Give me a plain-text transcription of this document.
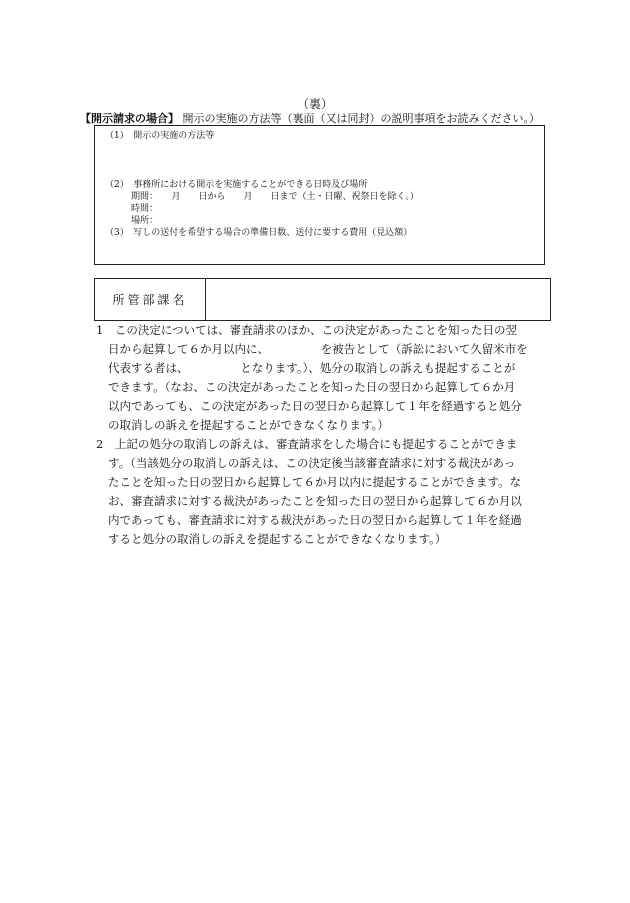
（裏）
【開示請求の場合】 開示の実施の方法等（裏面（又は同封）の説明事項をお読みください。）
（1）　開示の実施の方法等
（2）　事務所における開示を実施することができる日時及び場所
期間：　　月　　日から　　月　　日まで（土・日曜、祝祭日を除く。）
時間：
場所：
（3）　写しの送付を希望する場合の準備日数、送付に要する費用（見込額）
所管部課名
1　この決定については、審査請求のほか、この決定があったことを知った日の翌
日から起算して６か月以内に、　　　　　を被告として（訴訟において久留米市を
代表する者は、　　　　　となります。）、処分の取消しの訴えも提起することが
できます。（なお、この決定があったことを知った日の翌日から起算して６か月
以内であっても、この決定があった日の翌日から起算して１年を経過すると処分
の取消しの訴えを提起することができなくなります。）
2　上記の処分の取消しの訴えは、審査請求をした場合にも提起することができま
す。（当該処分の取消しの訴えは、この決定後当該審査請求に対する裁決があっ
たことを知った日の翌日から起算して６か月以内に提起することができます。な
お、審査請求に対する裁決があったことを知った日の翌日から起算して６か月以
内であっても、審査請求に対する裁決があった日の翌日から起算して１年を経過
すると処分の取消しの訴えを提起することができなくなります。）
